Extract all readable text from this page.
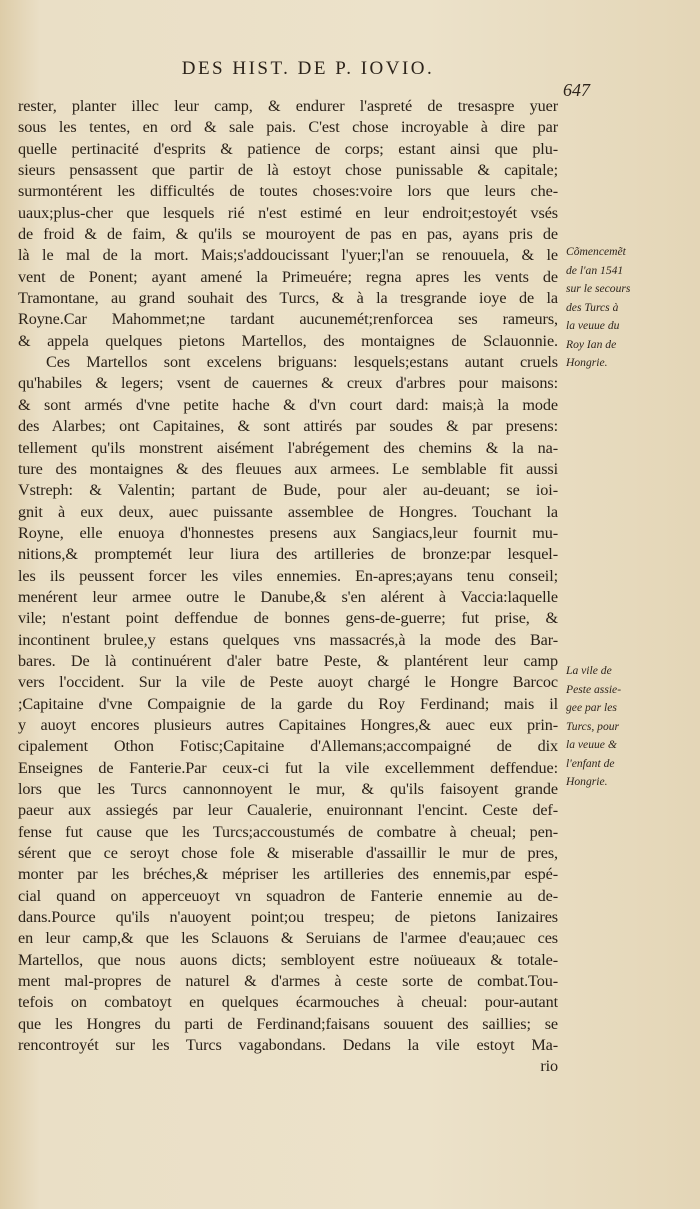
DES HIST. DE P. IOVIO.
647
rester, planter illec leur camp, & endurer l'aspreté de tresaspre yuer
sous les tentes, en ord & sale pais. C'est chose incroyable à dire par
quelle pertinacité d'esprits & patience de corps; estant ainsi que plu-
sieurs pensassent que partir de là estoyt chose punissable & capitale;
surmontérent les difficultés de toutes choses:voire lors que leurs che-
uaux;plus-cher que lesquels rié n'est estimé en leur endroit;estoyét vsés
de froid & de faim, & qu'ils se mouroyent de pas en pas, ayans pris de
là le mal de la mort. Mais;s'addoucissant l'yuer;l'an se renouuela, & le
vent de Ponent; ayant amené la Primeuére; regna apres les vents de
Tramontane, au grand souhait des Turcs, & à la tresgrande ioye de la
Royne.Car Mahommet;ne tardant aucunemét;renforcea ses rameurs,
& appela quelques pietons Martellos, des montaignes de Sclauonnie.
Ces Martellos sont excelens briguans: lesquels;estans autant cruels
qu'habiles & legers; vsent de cauernes & creux d'arbres pour maisons:
& sont armés d'vne petite hache & d'vn court dard: mais;à la mode
des Alarbes; ont Capitaines, & sont attirés par soudes & par presens:
tellement qu'ils monstrent aisément l'abrégement des chemins & la na-
ture des montaignes & des fleuues aux armees. Le semblable fit aussi
Vstreph: & Valentin; partant de Bude, pour aler au-deuant; se ioi-
gnit à eux deux, auec puissante assemblee de Hongres. Touchant la
Royne, elle enuoya d'honnestes presens aux Sangiacs,leur fournit mu-
nitions,& promptemét leur liura des artilleries de bronze:par lesquel-
les ils peussent forcer les viles ennemies. En-apres;ayans tenu conseil;
menérent leur armee outre le Danube,& s'en alérent à Vaccia:laquelle
vile; n'estant point deffendue de bonnes gens-de-guerre; fut prise, &
incontinent brulee,y estans quelques vns massacrés,à la mode des Bar-
bares. De là continuérent d'aler batre Peste, & plantérent leur camp
vers l'occident. Sur la vile de Peste auoyt chargé le Hongre Barcoc
;Capitaine d'vne Compaignie de la garde du Roy Ferdinand; mais il
y auoyt encores plusieurs autres Capitaines Hongres,& auec eux prin-
cipalement Othon Fotisc;Capitaine d'Allemans;accompaigné de dix
Enseignes de Fanterie.Par ceux-ci fut la vile excellemment deffendue:
lors que les Turcs cannonnoyent le mur, & qu'ils faisoyent grande
paeur aux assiegés par leur Caualerie, enuironnant l'encint. Ceste def-
fense fut cause que les Turcs;accoustumés de combatre à cheual; pen-
sérent que ce seroyt chose fole & miserable d'assaillir le mur de pres,
monter par les bréches,& mépriser les artilleries des ennemis,par espé-
cial quand on apperceuoyt vn squadron de Fanterie ennemie au de-
dans.Pource qu'ils n'auoyent point;ou trespeu; de pietons Ianizaires
en leur camp,& que les Sclauons & Seruians de l'armee d'eau;auec ces
Martellos, que nous auons dicts; sembloyent estre noüueaux & totale-
ment mal-propres de naturel & d'armes à ceste sorte de combat.Tou-
tefois on combatoyt en quelques écarmouches à cheual: pour-autant
que les Hongres du parti de Ferdinand;faisans souuent des saillies; se
rencontroyét sur les Turcs vagabondans. Dedans la vile estoyt Ma-
rio
Cõmencemẽt
de l'an 1541
sur le secours
des Turcs à
la veuue du
Roy Ian de
Hongrie.
La vile de
Peste assie-
gee par les
Turcs, pour
la veuue &
l'enfant de
Hongrie.
